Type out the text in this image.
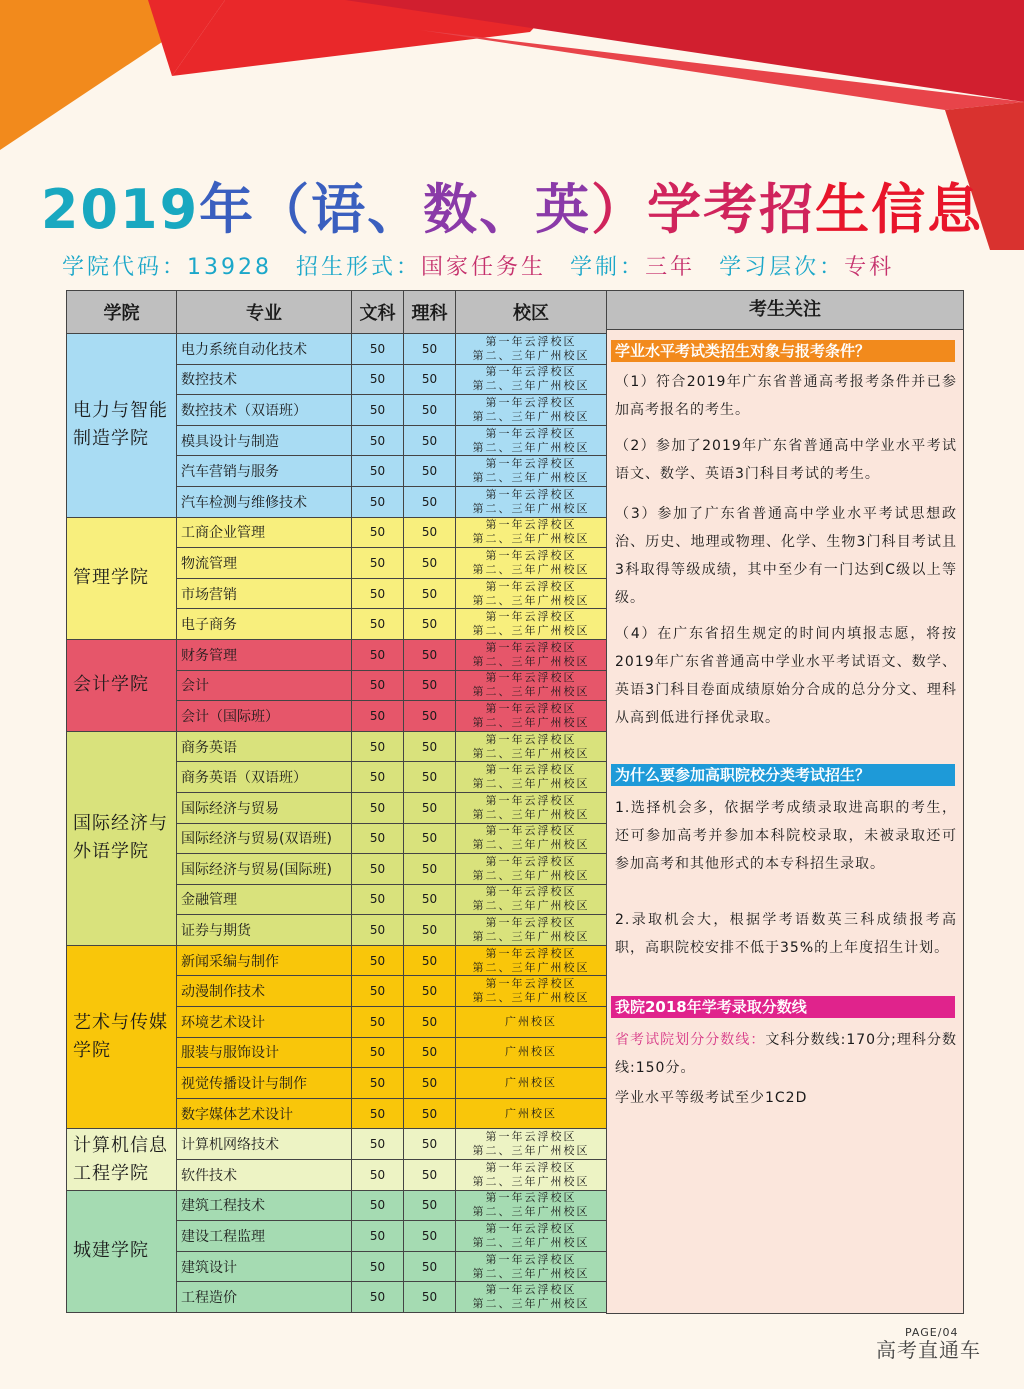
2019年（语、数、英）学考招生信息
学院代码：13928 招生形式：国家任务生 学制：三年 学习层次：专科
学院	专业	文科	理科	校区
电力与智能制造学院	电力系统自动化技术	50	50	第一年云浮校区
第二、三年广州校区

	数控技术	50	50	第一年云浮校区
第二、三年广州校区

	数控技术（双语班）	50	50	第一年云浮校区
第二、三年广州校区

	模具设计与制造	50	50	第一年云浮校区
第二、三年广州校区

	汽车营销与服务	50	50	第一年云浮校区
第二、三年广州校区

	汽车检测与维修技术	50	50	第一年云浮校区
第二、三年广州校区

管理学院	工商企业管理	50	50	第一年云浮校区
第二、三年广州校区

	物流管理	50	50	第一年云浮校区
第二、三年广州校区

	市场营销	50	50	第一年云浮校区
第二、三年广州校区

	电子商务	50	50	第一年云浮校区
第二、三年广州校区

会计学院	财务管理	50	50	第一年云浮校区
第二、三年广州校区

	会计	50	50	第一年云浮校区
第二、三年广州校区

	会计（国际班）	50	50	第一年云浮校区
第二、三年广州校区

国际经济与外语学院	商务英语	50	50	第一年云浮校区
第二、三年广州校区

	商务英语（双语班）	50	50	第一年云浮校区
第二、三年广州校区

	国际经济与贸易	50	50	第一年云浮校区
第二、三年广州校区

	国际经济与贸易(双语班)	50	50	第一年云浮校区
第二、三年广州校区

	国际经济与贸易(国际班)	50	50	第一年云浮校区
第二、三年广州校区

	金融管理	50	50	第一年云浮校区
第二、三年广州校区

	证券与期货	50	50	第一年云浮校区
第二、三年广州校区

艺术与传媒学院	新闻采编与制作	50	50	第一年云浮校区
第二、三年广州校区

	动漫制作技术	50	50	第一年云浮校区
第二、三年广州校区

	环境艺术设计	50	50	广州校区

	服装与服饰设计	50	50	广州校区

	视觉传播设计与制作	50	50	广州校区

	数字媒体艺术设计	50	50	广州校区

计算机信息工程学院	计算机网络技术	50	50	第一年云浮校区
第二、三年广州校区

	软件技术	50	50	第一年云浮校区
第二、三年广州校区

城建学院	建筑工程技术	50	50	第一年云浮校区
第二、三年广州校区

	建设工程监理	50	50	第一年云浮校区
第二、三年广州校区

	建筑设计	50	50	第一年云浮校区
第二、三年广州校区

	工程造价	50	50	第一年云浮校区
第二、三年广州校区
考生关注
学业水平考试类招生对象与报考条件？
（1）符合2019年广东省普通高考报考条件并已参加高考报名的考生。
（2）参加了2019年广东省普通高中学业水平考试语文、数学、英语3门科目考试的考生。
（3）参加了广东省普通高中学业水平考试思想政治、历史、地理或物理、化学、生物3门科目考试且3科取得等级成绩，其中至少有一门达到C级以上等级。
（4）在广东省招生规定的时间内填报志愿，将按2019年广东省普通高中学业水平考试语文、数学、英语3门科目卷面成绩原始分合成的总分分文、理科从高到低进行择优录取。
为什么要参加高职院校分类考试招生？
1.选择机会多，依据学考成绩录取进高职的考生，还可参加高考并参加本科院校录取，未被录取还可参加高考和其他形式的本专科招生录取。
2.录取机会大，根据学考语数英三科成绩报考高职，高职院校安排不低于35%的上年度招生计划。
我院2018年学考录取分数线
省考试院划分分数线：文科分数线:170分;理科分数线:150分。
学业水平等级考试至少1C2D
PAGE/04
高考直通车
